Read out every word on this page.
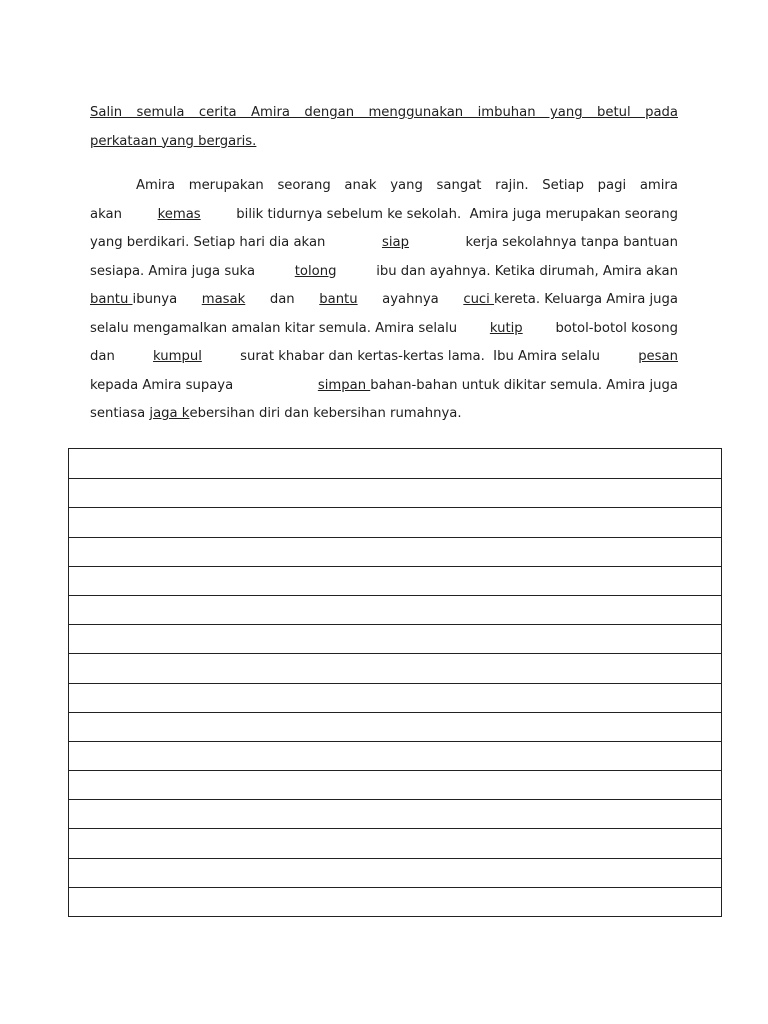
Salin semula cerita Amira dengan menggunakan imbuhan yang betul pada
perkataan yang bergaris.

Amira merupakan seorang anak yang sangat rajin. Setiap pagi amira
akan	kemas	bilik tidurnya sebelum ke sekolah.  Amira juga merupakan seorang
yang berdikari. Setiap hari dia akan	siap	kerja sekolahnya tanpa bantuan
sesiapa. Amira juga suka	tolong	ibu dan ayahnya. Ketika dirumah, Amira akan
bantu ibunya masak dan bantu ayahnya cuci kereta. Keluarga Amira juga
selalu mengamalkan amalan kitar semula. Amira selalu kutip botol-botol kosong
dan	kumpul	surat khabar dan kertas-kertas lama.  Ibu Amira selalu	pesan
kepada Amira supaya	simpan bahan-bahan untuk dikitar semula. Amira juga
sentiasa
jaga k ebersihan diri dan kebersihan rumahnya.
